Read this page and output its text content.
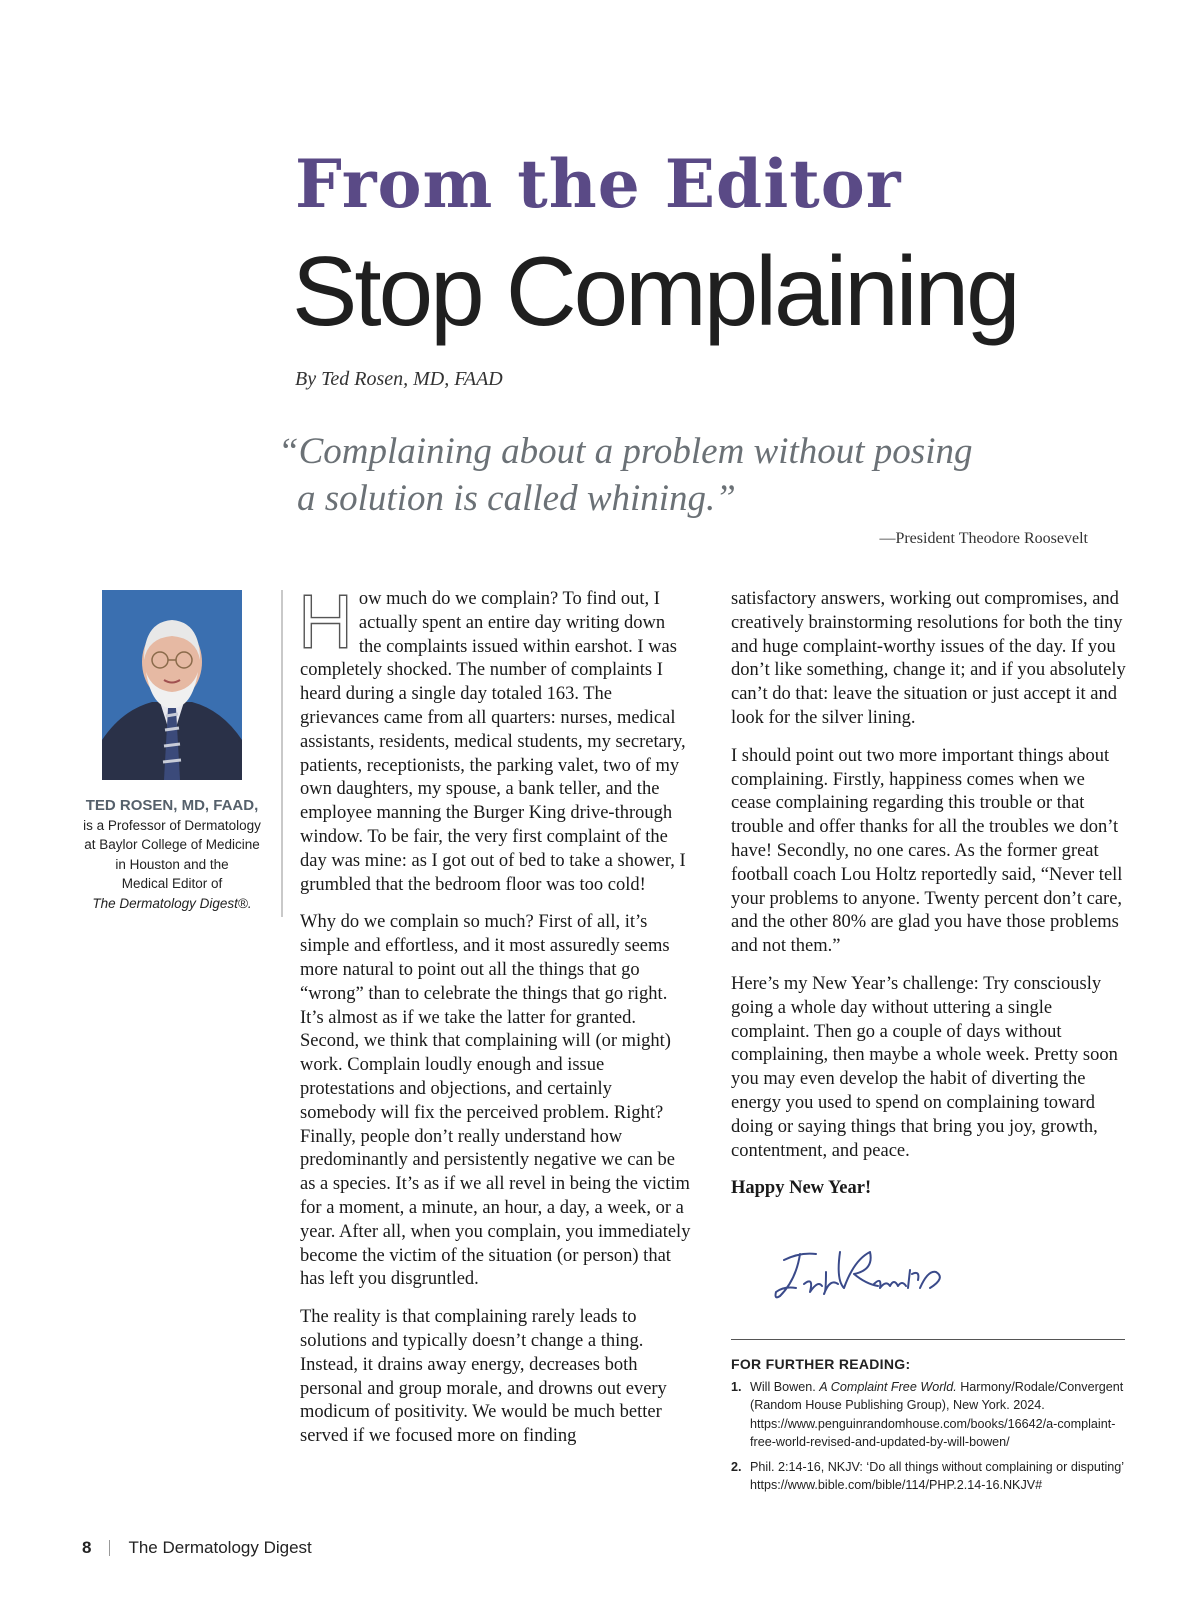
From the Editor
Stop Complaining
By Ted Rosen, MD, FAAD
“Complaining about a problem without posing
a solution is called whining.”
—President Theodore Roosevelt
TED ROSEN, MD, FAAD,
is a Professor of Dermatology
at Baylor College of Medicine
in Houston and the
Medical Editor of
The Dermatology Digest®.

How much do we complain? To find out, I actually spent an entire day writing down the complaints issued within earshot. I was completely shocked. The number of complaints I heard during a single day totaled 163. The grievances came from all quarters: nurses, medical assistants, residents, medical students, my secretary, patients, receptionists, the parking valet, two of my own daughters, my spouse, a bank teller, and the employee manning the Burger King drive-through window. To be fair, the very first complaint of the day was mine: as I got out of bed to take a shower, I grumbled that the bedroom floor was too cold!

Why do we complain so much? First of all, it’s simple and effortless, and it most assuredly seems more natural to point out all the things that go “wrong” than to celebrate the things that go right. It’s almost as if we take the latter for granted. Second, we think that complaining will (or might) work. Complain loudly enough and issue protestations and objections, and certainly somebody will fix the perceived problem. Right? Finally, people don’t really understand how predominantly and persistently negative we can be as a species. It’s as if we all revel in being the victim for a moment, a minute, an hour, a day, a week, or a year. After all, when you complain, you immediately become the victim of the situation (or person) that has left you disgruntled.

The reality is that complaining rarely leads to solutions and typically doesn’t change a thing. Instead, it drains away energy, decreases both personal and group morale, and drowns out every modicum of positivity. We would be much better served if we focused more on finding

satisfactory answers, working out compromises, and creatively brainstorming resolutions for both the tiny and huge complaint-worthy issues of the day. If you don’t like something, change it; and if you absolutely can’t do that: leave the situation or just accept it and look for the silver lining.

I should point out two more important things about complaining. Firstly, happiness comes when we cease complaining regarding this trouble or that trouble and offer thanks for all the troubles we don’t have! Secondly, no one cares. As the former great football coach Lou Holtz reportedly said, “Never tell your problems to anyone. Twenty percent don’t care, and the other 80% are glad you have those problems and not them.”

Here’s my New Year’s challenge: Try consciously going a whole day without uttering a single complaint. Then go a couple of days without complaining, then maybe a whole week. Pretty soon you may even develop the habit of diverting the energy you used to spend on complaining toward doing or saying things that bring you joy, growth, contentment, and peace.

Happy New Year!

FOR FURTHER READING:
1. Will Bowen. A Complaint Free World. Harmony/Rodale/Convergent (Random House Publishing Group), New York. 2024. https://www.penguinrandomhouse.com/books/16642/a-complaint-free-world-revised-and-updated-by-will-bowen/
2. Phil. 2:14-16, NKJV: ‘Do all things without complaining or disputing’ https://www.bible.com/bible/114/PHP.2.14-16.NKJV#
8 The Dermatology Digest
